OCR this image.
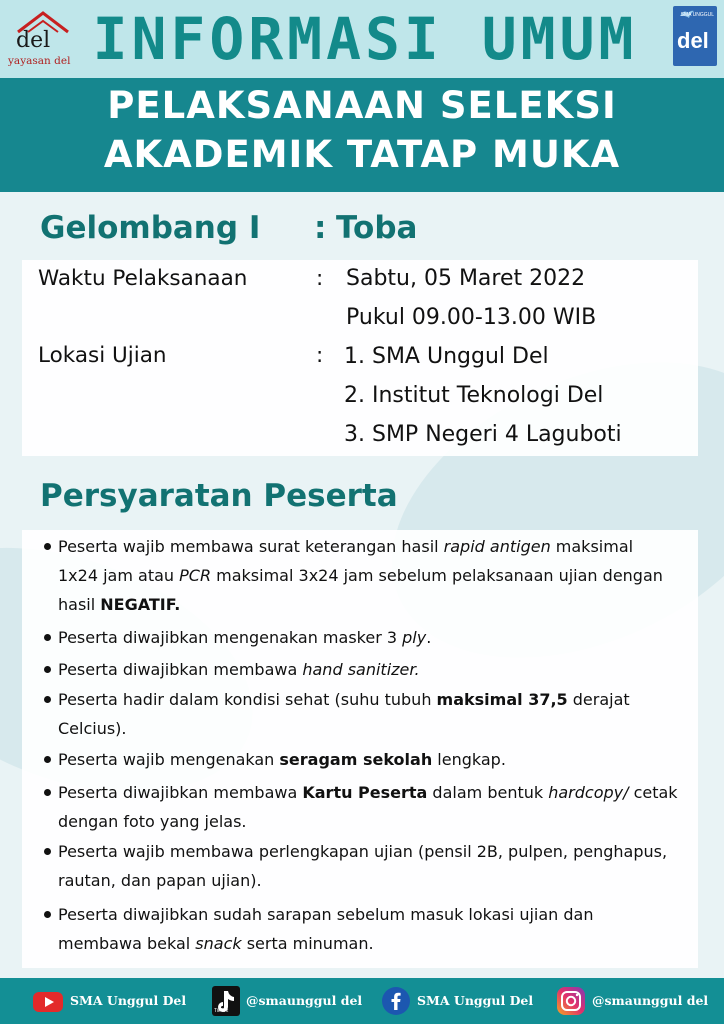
del
yayasan del INFORMASI UMUM	SMA UNGGUL
del
PELAKSANAAN SELEKSI
AKADEMIK TATAP MUKA
Gelombang I : Toba
Waktu Pelaksanaan	: Sabtu, 05 Maret 2022
Pukul 09.00-13.00 WIB
Lokasi Ujian	: 1. SMA Unggul Del
2. Institut Teknologi Del
3. SMP Negeri 4 Laguboti
Persyaratan Peserta
Peserta wajib membawa surat keterangan hasil rapid antigen maksimal 1x24 jam atau PCR maksimal 3x24 jam sebelum pelaksanaan ujian dengan hasil NEGATIF.
Peserta diwajibkan mengenakan masker 3 ply.
Peserta diwajibkan membawa hand sanitizer.
Peserta hadir dalam kondisi sehat (suhu tubuh maksimal 37,5 derajat Celcius).
Peserta wajib mengenakan seragam sekolah lengkap.
Peserta diwajibkan membawa Kartu Peserta dalam bentuk hardcopy/ cetak dengan foto yang jelas.
Peserta wajib membawa perlengkapan ujian (pensil 2B, pulpen, penghapus, rautan, dan papan ujian).
Peserta diwajibkan sudah sarapan sebelum masuk lokasi ujian dan membawa bekal snack serta minuman.
SMA Unggul Del
TikTok
@smaunggul del	SMA Unggul Del	@smaunggul del
